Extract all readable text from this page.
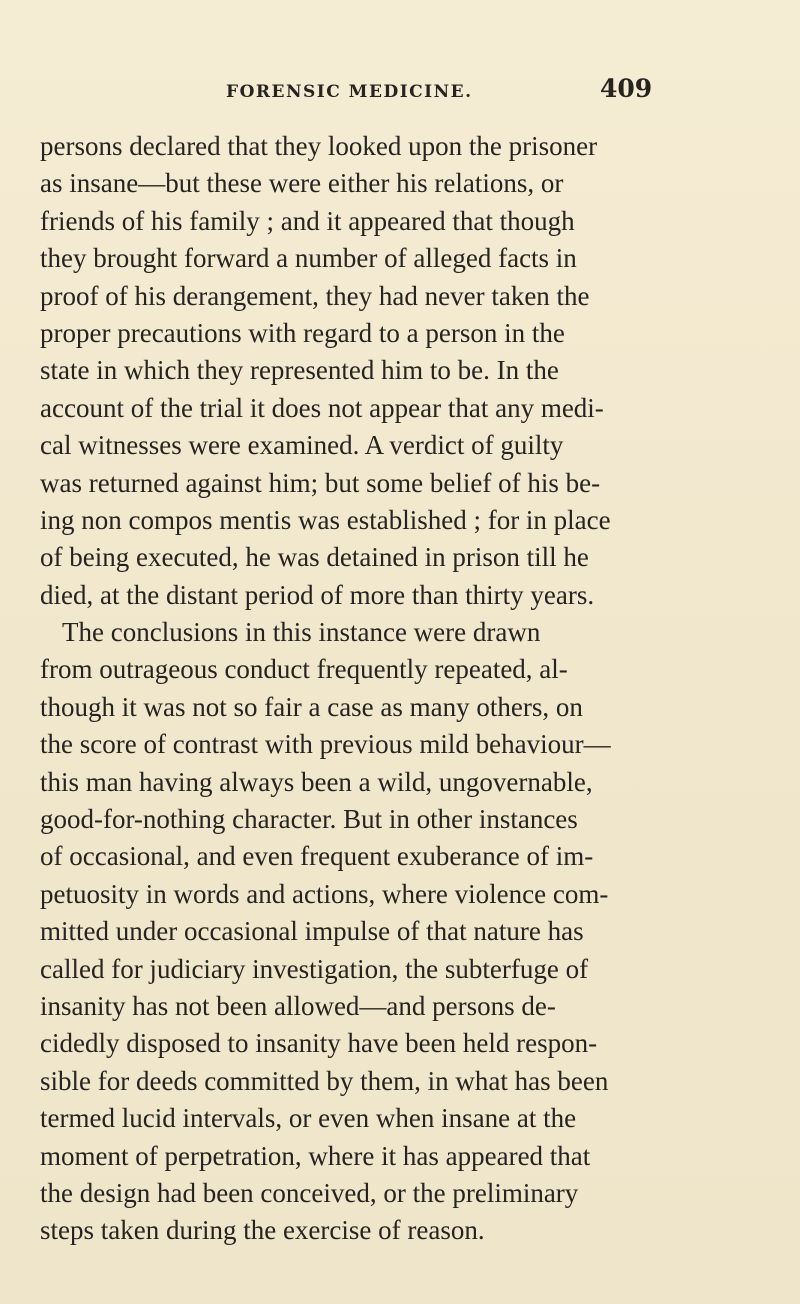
FORENSIC MEDICINE.	409
persons declared that they looked upon the prisoner
as insane—but these were either his relations, or
friends of his family ; and it appeared that though
they brought forward a number of alleged facts in
proof of his derangement, they had never taken the
proper precautions with regard to a person in the
state in which they represented him to be. In the
account of the trial it does not appear that any medi-
cal witnesses were examined. A verdict of guilty
was returned against him; but some belief of his be-
ing non compos mentis was established ; for in place
of being executed, he was detained in prison till he
died, at the distant period of more than thirty years.
The conclusions in this instance were drawn
from outrageous conduct frequently repeated, al-
though it was not so fair a case as many others, on
the score of contrast with previous mild behaviour—
this man having always been a wild, ungovernable,
good-for-nothing character. But in other instances
of occasional, and even frequent exuberance of im-
petuosity in words and actions, where violence com-
mitted under occasional impulse of that nature has
called for judiciary investigation, the subterfuge of
insanity has not been allowed—and persons de-
cidedly disposed to insanity have been held respon-
sible for deeds committed by them, in what has been
termed lucid intervals, or even when insane at the
moment of perpetration, where it has appeared that
the design had been conceived, or the preliminary
steps taken during the exercise of reason.
